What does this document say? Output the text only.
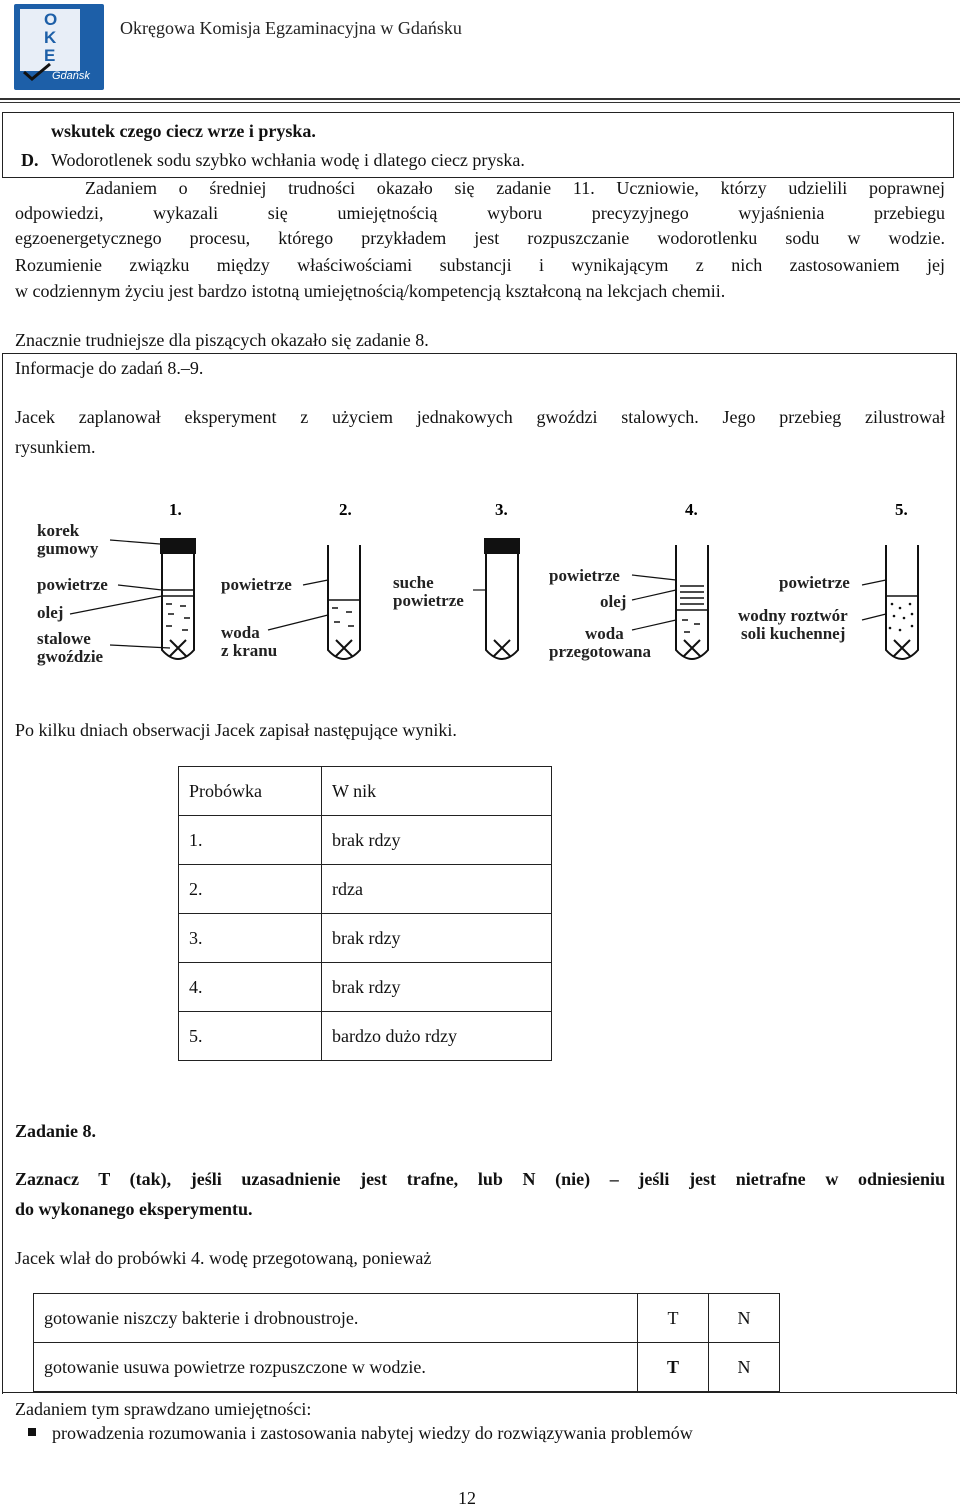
O
K
E
Gdańsk
Okręgowa Komisja Egzaminacyjna w Gdańsku
wskutek czego ciecz wrze i pryska.
D. Wodorotlenek sodu szybko wchłania wodę i dlatego ciecz pryska.
Zadaniem o średniej trudności okazało się zadanie 11. Uczniowie, którzy udzielili poprawnej
odpowiedzi, wykazali się umiejętnością wyboru precyzyjnego wyjaśnienia przebiegu
egzoenergetycznego procesu, którego przykładem jest rozpuszczanie wodorotlenku sodu w wodzie.
Rozumienie związku między właściwościami substancji i wynikającym z nich zastosowaniem jej
w codziennym życiu jest bardzo istotną umiejętnością/kompetencją kształconą na lekcjach chemii.
Znacznie trudniejsze dla piszących okazało się zadanie 8.
Informacje do zadań 8.–9.
Jacek zaplanował eksperyment z użyciem jednakowych gwoździ stalowych. Jego przebieg zilustrował
rysunkiem.
1.	2.	3.	4.	5.
korek
gumowy
powietrze
olej
stalowe
gwoździe
powietrze
woda
z kranu
suche
powietrze
powietrze
olej
woda
przegotowana
powietrze
wodny roztwór
soli kuchennej
Po kilku dniach obserwacji Jacek zapisał następujące wyniki.
Probówka	W nik
1.	brak rdzy
2.	rdza
3.	brak rdzy
4.	brak rdzy
5.	bardzo dużo rdzy
Zadanie 8.
Zaznacz T (tak), jeśli uzasadnienie jest trafne, lub N (nie) – jeśli jest nietrafne w odniesieniu
do wykonanego eksperymentu.
Jacek wlał do probówki 4. wodę przegotowaną, ponieważ
gotowanie niszczy bakterie i drobnoustroje.	T	N
gotowanie usuwa powietrze rozpuszczone w wodzie.	T	N
Zadaniem tym sprawdzano umiejętności:
prowadzenia rozumowania i zastosowania nabytej wiedzy do rozwiązywania problemów
12
